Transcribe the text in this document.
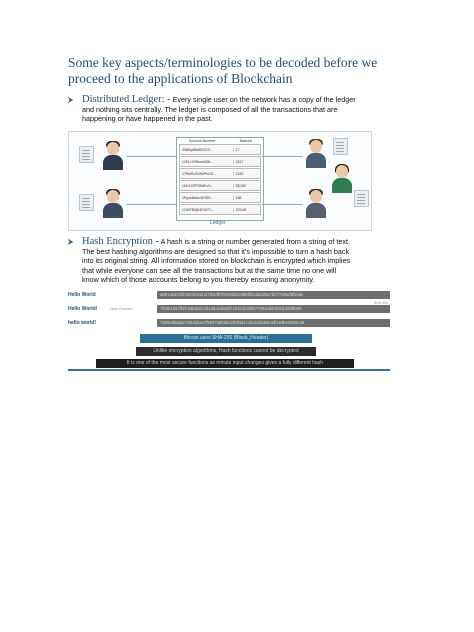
Some key aspects/terminologies to be decoded before we proceed to the applications of Blockchain
⮞ Distributed Ledger: - Every single user on the network has a copy of the ledger
and nothing sits centrally. The ledger is composed of all the transactions that are
happening or have happened in the past.
Account Number	Balance
3W8kjhBMR67DC...	17
12DLHYf5oesGMi...	4117
1Tf9eRL8ViWPhGG...	2162
16V3J2PRHMKVv...	55,000
1RyckMcks4HTiKt...	246
1GMFB2jE4C9V7I...	376.65
Ledger
⮞ Hash Encryption - A hash is a string or number generated from a string of text.
The best hashing algorithms are designed so that it's impossible to turn a hash back
into its original string. All information stored on blockchain is encrypted which implies
that while everyone can see all the transactions but at the same time no one will
know which of those accounts belong to you thereby ensuring anonymity.
Hello World	a591a6d40bf420404a011733cfb7b190d62c65bf0bcda32b57b277d9ad9f146e
SHA-256
Hello World!	Hash Function	7f83b1657ff1fc53b92dc18148a1d65dfc2d4b1fa3d677284addd200126d9069
hello world!	7509e5bda0c762d2bac7f90d758b5b2263fa01ccbc542ab5e3df163be08e6ca9
Bitcoin uses SHA-256 (Block_Header)
Unlike encryption algorithms, Hash functions cannot be decrypted
It is one of the most secure functions as minute input changes gives a fully different hash
